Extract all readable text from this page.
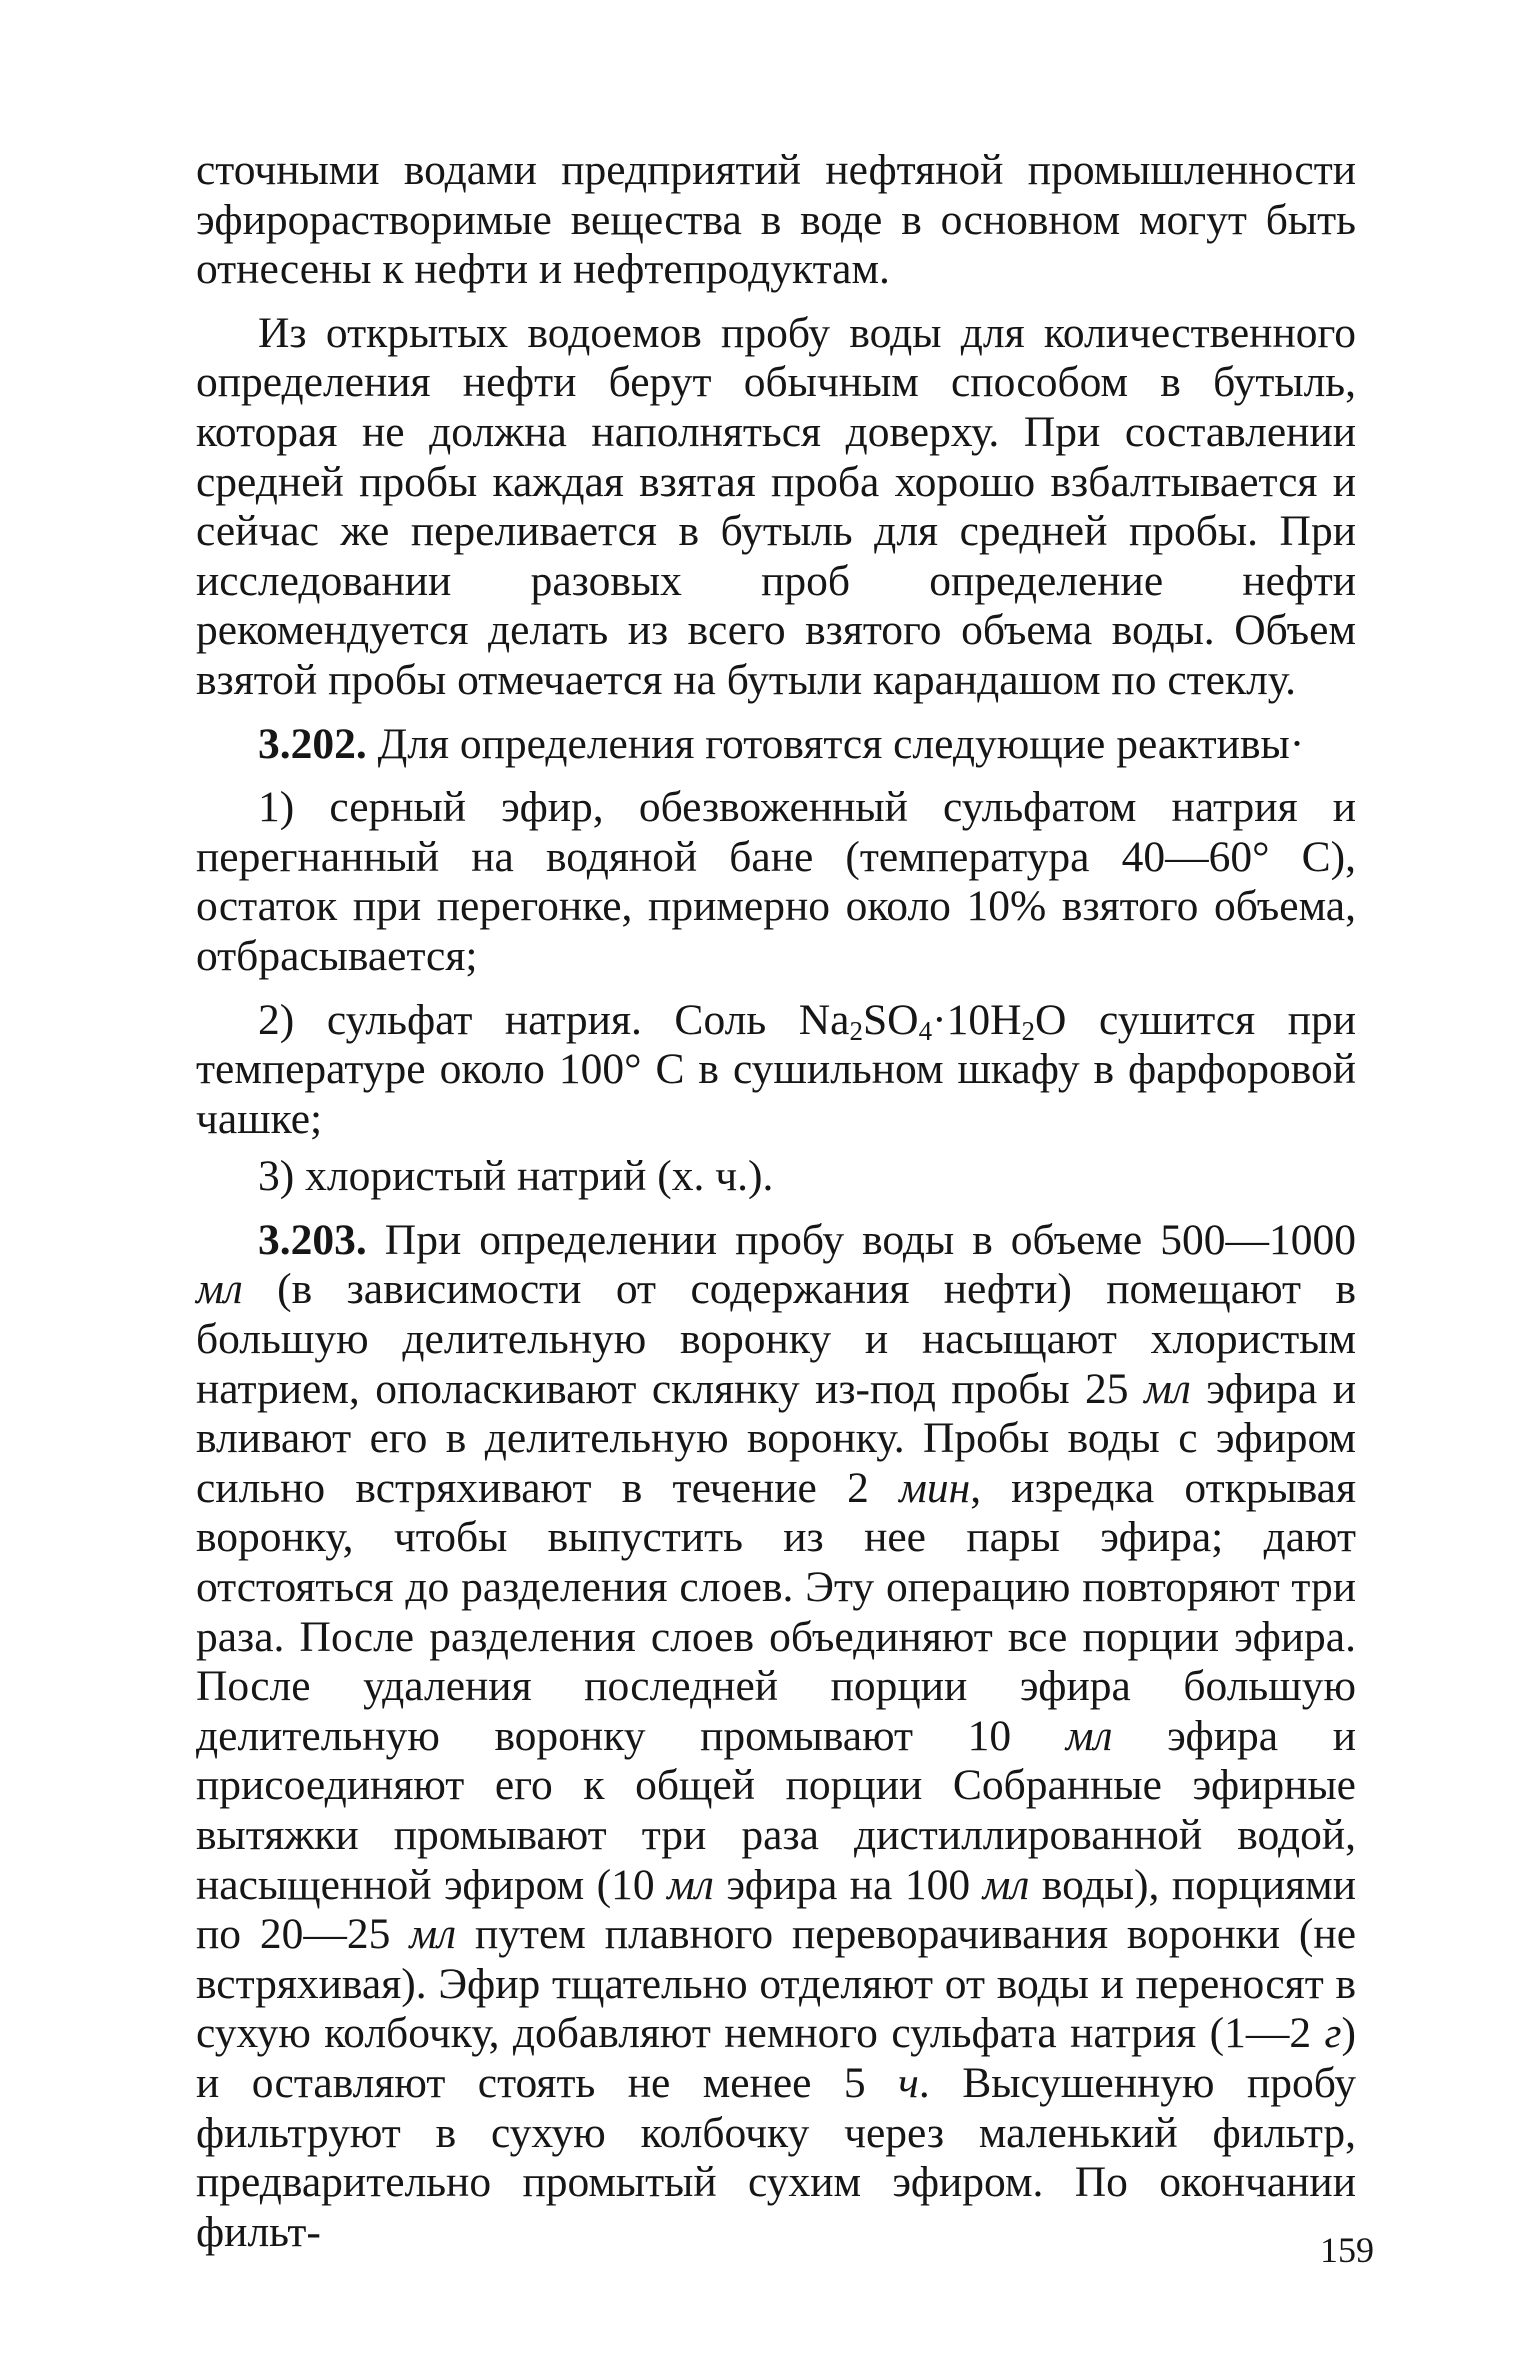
сточными водами предприятий нефтяной промышленности эфирорастворимые вещества в воде в основном могут быть отнесены к нефти и нефтепродуктам.

Из открытых водоемов пробу воды для количественного определения нефти берут обычным способом в бутыль, которая не должна наполняться доверху. При составлении средней пробы каждая взятая проба хорошо взбалтывается и сейчас же переливается в бутыль для средней пробы. При исследовании разовых проб определение нефти рекомендуется делать из всего взятого объема воды. Объем взятой пробы отмечается на бутыли карандашом по стеклу.

3.202. Для определения готовятся следующие реактивы·

1) серный эфир, обезвоженный сульфатом натрия и перегнанный на водяной бане (температура 40—60° С), остаток при перегонке, примерно около 10% взятого объема, отбрасывается;

2) сульфат натрия. Соль $Na_2SO_4\cdot 10H_2O$ сушится при температуре около 100° С в сушильном шкафу в фарфоровой чашке;

3) хлористый натрий (х. ч.).

3.203. При определении пробу воды в объеме 500—1000 мл (в зависимости от содержания нефти) помещают в большую делительную воронку и насыщают хлористым натрием, ополаскивают склянку из-под пробы 25 мл эфира и вливают его в делительную воронку. Пробы воды с эфиром сильно встряхивают в течение 2 мин, изредка открывая воронку, чтобы выпустить из нее пары эфира; дают отстояться до разделения слоев. Эту операцию повторяют три раза. После разделения слоев объединяют все порции эфира. После удаления последней порции эфира большую делительную воронку промывают 10 мл эфира и присоединяют его к общей порции Собранные эфирные вытяжки промывают три раза дистиллированной водой, насыщенной эфиром (10 мл эфира на 100 мл воды), порциями по 20—25 мл путем плавного переворачивания воронки (не встряхивая). Эфир тщательно отделяют от воды и переносят в сухую колбочку, добавляют немного сульфата натрия (1—2 г) и оставляют стоять не менее 5 ч. Высушенную пробу фильтруют в сухую колбочку через маленький фильтр, предварительно промытый сухим эфиром. По окончании фильт-	159
